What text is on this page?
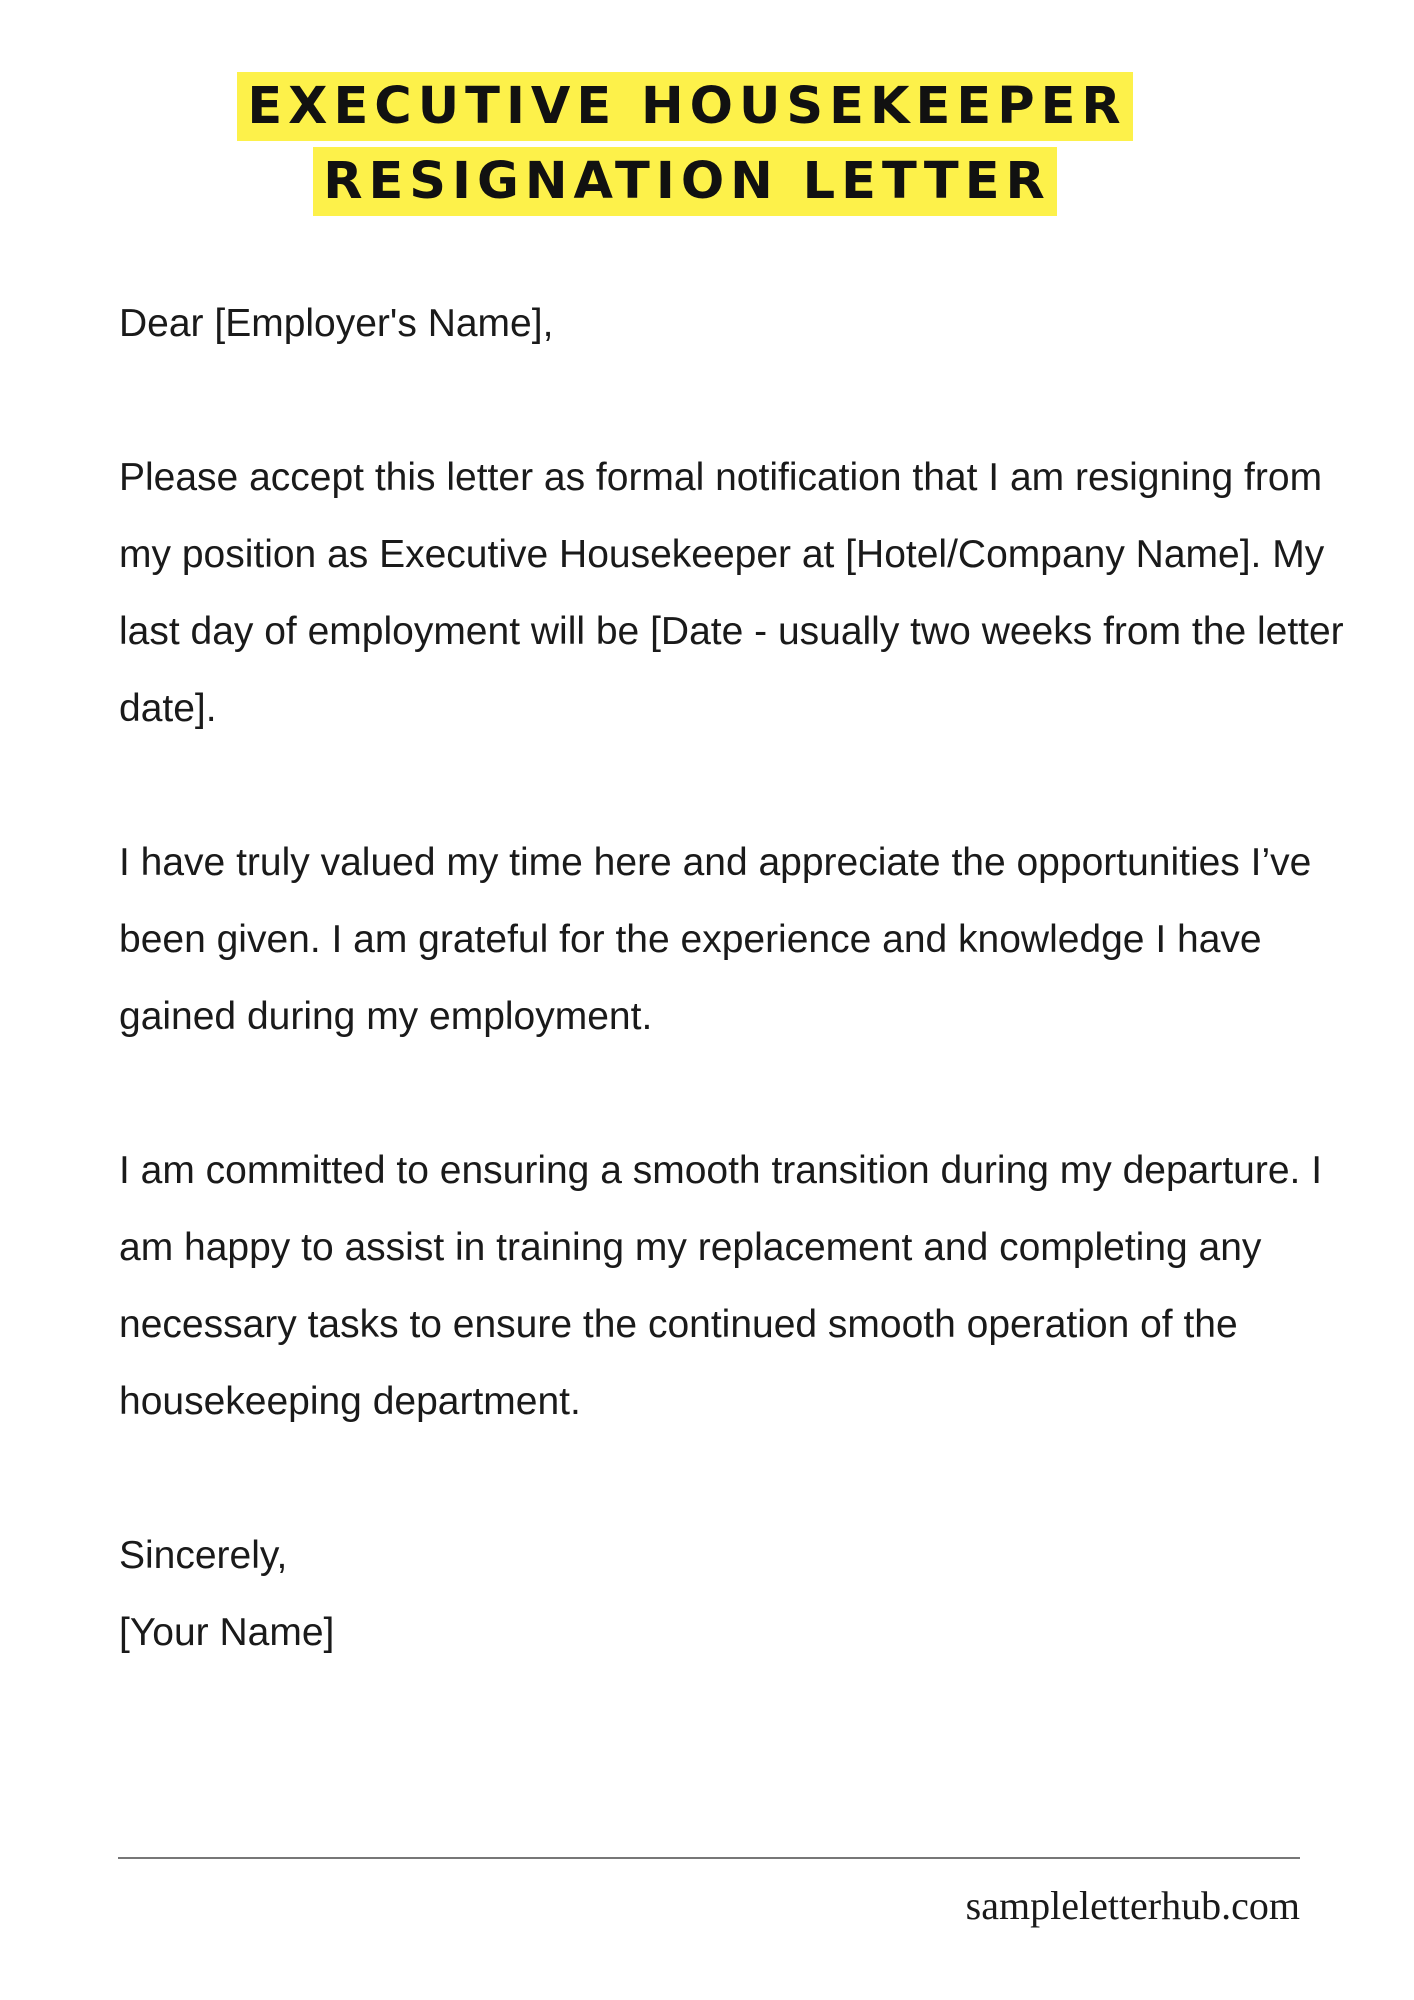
EXECUTIVE HOUSEKEEPER
RESIGNATION LETTER

Dear [Employer's Name],

Please accept this letter as formal notification that I am resigning from my position as Executive Housekeeper at [Hotel/Company Name]. My last day of employment will be [Date - usually two weeks from the letter date].

I have truly valued my time here and appreciate the opportunities I’ve been given. I am grateful for the experience and knowledge I have gained during my employment.

I am committed to ensuring a smooth transition during my departure. I am happy to assist in training my replacement and completing any necessary tasks to ensure the continued smooth operation of the housekeeping department.

Sincerely,

[Your Name]

sampleletterhub.com
